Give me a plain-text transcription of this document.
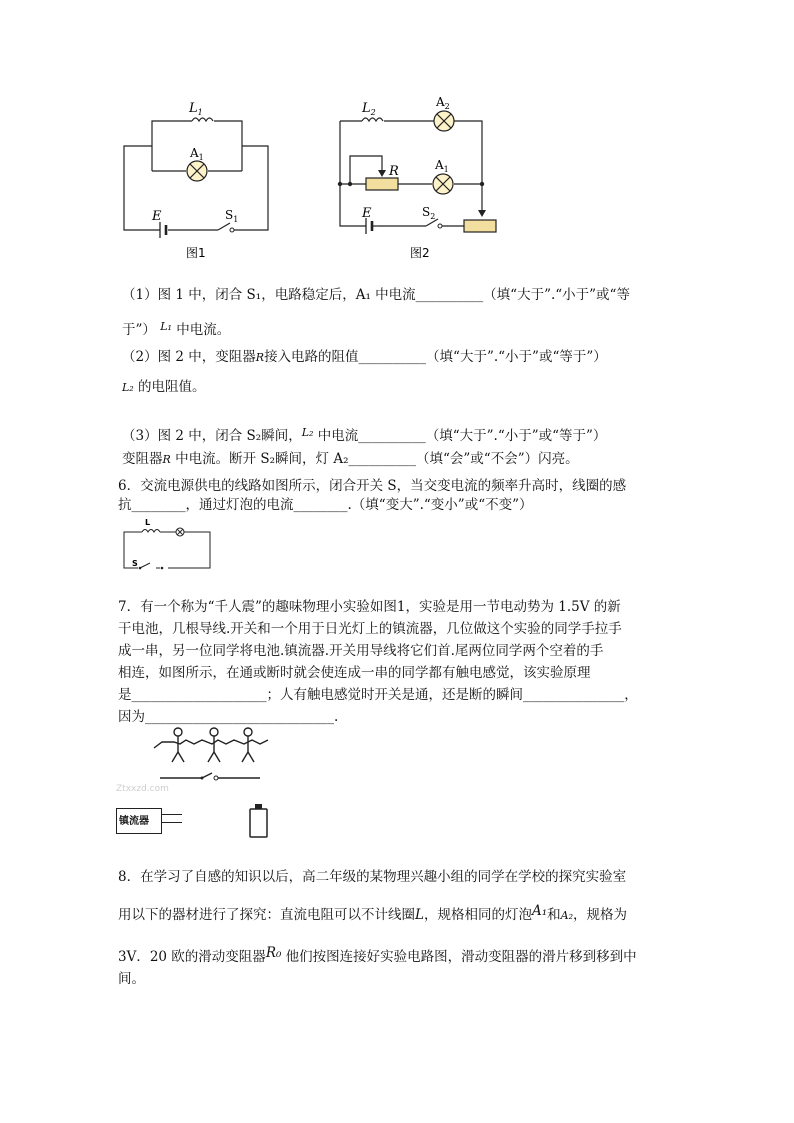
$L_1$
$A_1$
E	$S_1$
图1
$L_2$
$A_2$
$A_1$
R
E	$S_2$
图2
（1）图 1 中，闭合 S₁，电路稳定后，A₁ 中电流__________（填“大于”.“小于”或“等
于”） $^{L_1}$ 中电流。
（2）图 2 中，变阻器R接入电路的阻值__________（填“大于”.“小于”或“等于”）
L₂ 的电阻值。
（3）图 2 中，闭合 S₂瞬间，$^{L_2}$ 中电流__________（填“大于”.“小于”或“等于”）
变阻器R 中电流。断开 S₂瞬间，灯 A₂__________（填“会”或“不会”）闪亮。
6．交流电源供电的线路如图所示，闭合开关 S，当交变电流的频率升高时，线圈的感
抗________，通过灯泡的电流________.（填“变大”.“变小”或“不变”）
L
S
7．有一个称为“千人震”的趣味物理小实验如图1，实验是用一节电动势为 1.5V 的新
干电池，几根导线.开关和一个用于日光灯上的镇流器，几位做这个实验的同学手拉手
成一串，另一位同学将电池.镇流器.开关用导线将它们首.尾两位同学两个空着的手
相连，如图所示，在通或断时就会使连成一串的同学都有触电感觉，该实验原理
是____________________；人有触电感觉时开关是通，还是断的瞬间_______________，
因为____________________________.
Ztxxzd.com
镇流器
8．在学习了自感的知识以后，高二年级的某物理兴趣小组的同学在学校的探究实验室
用以下的器材进行了探究：直流电阻可以不计线圈L，规格相同的灯泡A₁和A₂，规格为
3V．20 欧的滑动变阻器R₀ 他们按图连接好实验电路图，滑动变阻器的滑片移到移到中
间。
